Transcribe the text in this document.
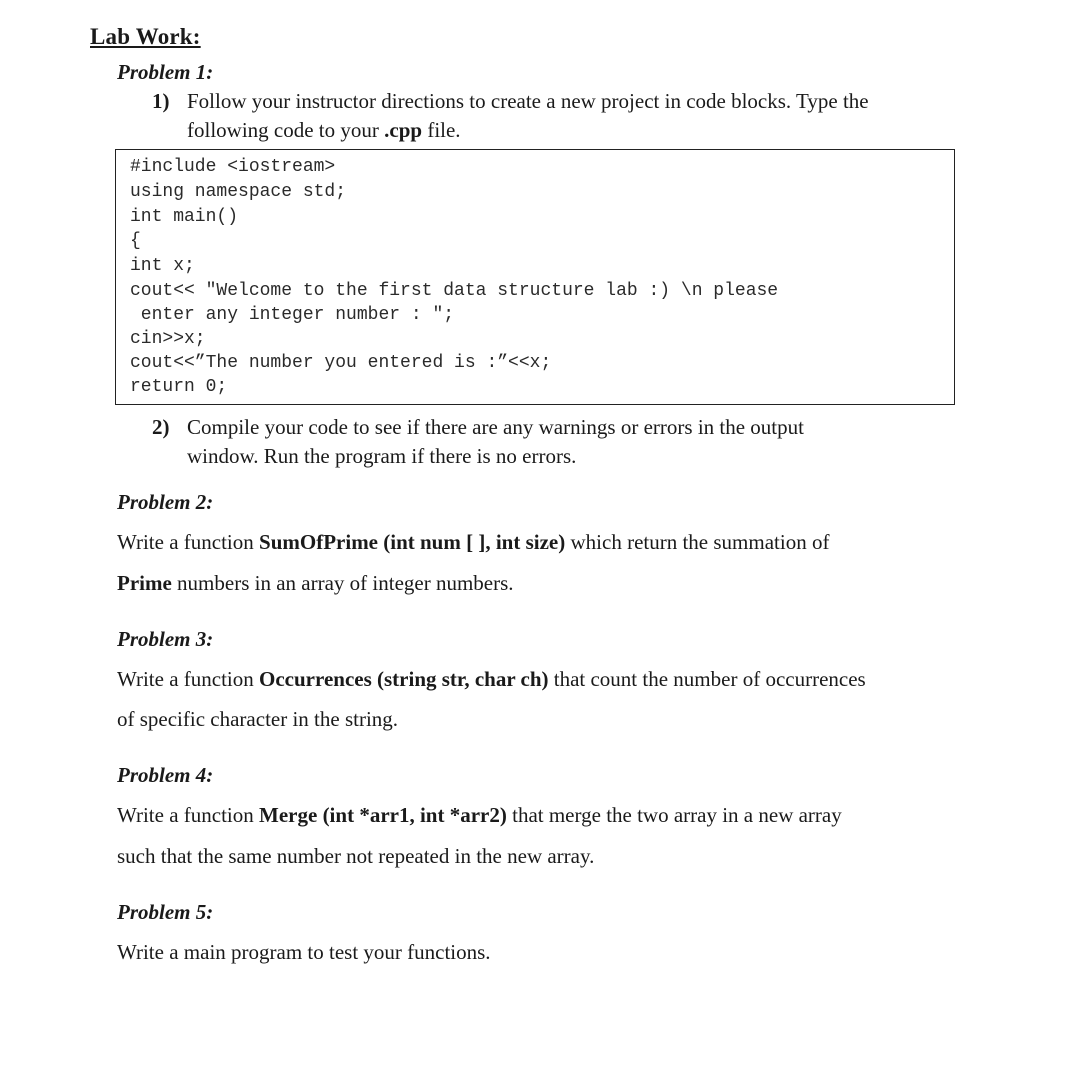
Lab Work:
Problem 1:
1) Follow your instructor directions to create a new project in code blocks. Type the
following code to your .cpp file.
#include <iostream>
using namespace std;
int main()
{
int x;
cout<< "Welcome to the first data structure lab :) \n please
enter any integer number : ";
cin>>x;
cout<<”The number you entered is :”<<x;
return 0;
2) Compile your code to see if there are any warnings or errors in the output
window. Run the program if there is no errors.
Problem 2:
Write a function SumOfPrime (int num [ ], int size) which return the summation of
Prime numbers in an array of integer numbers.
Problem 3:
Write a function Occurrences (string str, char ch) that count the number of occurrences
of specific character in the string.
Problem 4:
Write a function Merge (int *arr1, int *arr2) that merge the two array in a new array
such that the same number not repeated in the new array.
Problem 5:
Write a main program to test your functions.
